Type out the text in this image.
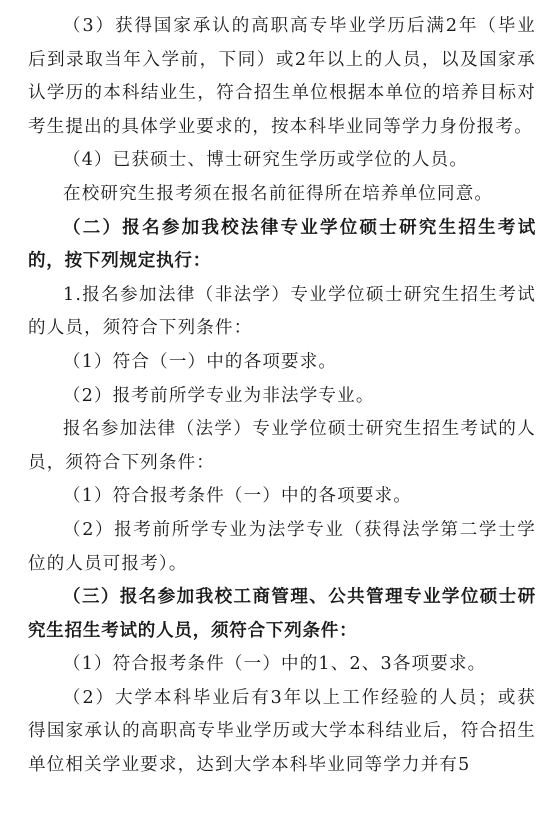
（3）获得国家承认的高职高专毕业学历后满2年（毕业后到录取当年入学前，下同）或2年以上的人员，以及国家承认学历的本科结业生，符合招生单位根据本单位的培养目标对考生提出的具体学业要求的，按本科毕业同等学力身份报考。

（4）已获硕士、博士研究生学历或学位的人员。

在校研究生报考须在报名前征得所在培养单位同意。

（二）报名参加我校法律专业学位硕士研究生招生考试的，按下列规定执行：

1.报名参加法律（非法学）专业学位硕士研究生招生考试的人员，须符合下列条件：

（1）符合（一）中的各项要求。

（2）报考前所学专业为非法学专业。

报名参加法律（法学）专业学位硕士研究生招生考试的人员，须符合下列条件：

（1）符合报考条件（一）中的各项要求。

（2）报考前所学专业为法学专业（获得法学第二学士学位的人员可报考）。

（三）报名参加我校工商管理、公共管理专业学位硕士研究生招生考试的人员，须符合下列条件：

（1）符合报考条件（一）中的1、2、3各项要求。

（2）大学本科毕业后有3年以上工作经验的人员；或获得国家承认的高职高专毕业学历或大学本科结业后，符合招生单位相关学业要求，达到大学本科毕业同等学力并有5
